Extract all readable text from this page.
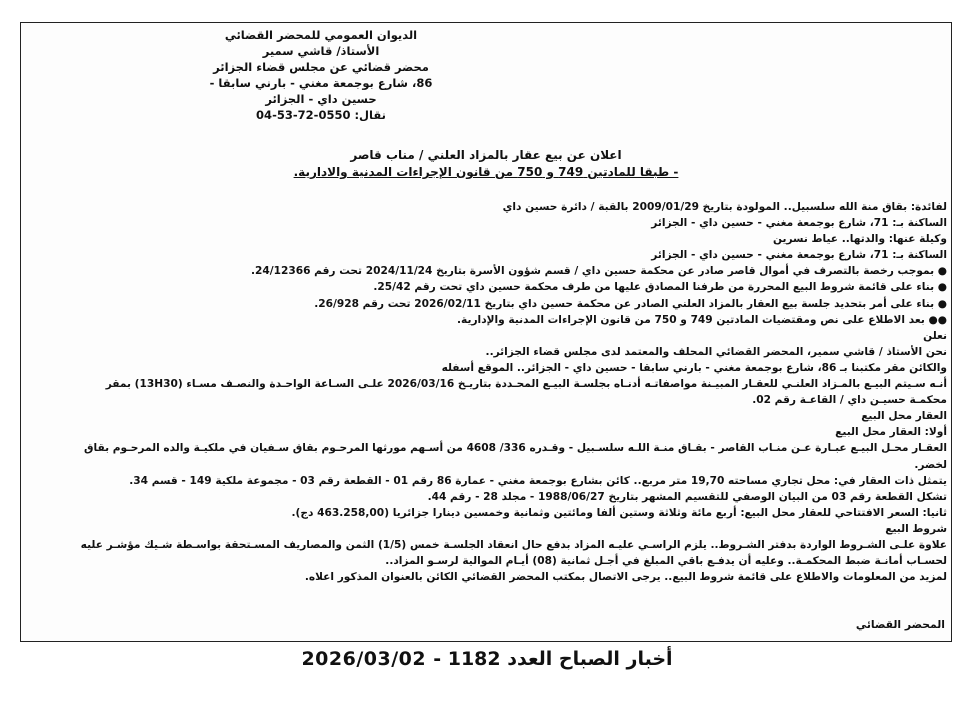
الديوان العمومي للمحضر القضائي
الأستاذ/ قاشي سمير
محضر قضائي عن مجلس قضاء الجزائر
86، شارع بوجمعة مغني - بارني سابقا -
حسين داي - الجزائر
نقال: 0550-72-53-04
اعلان عن بيع عقار بالمزاد العلني / مناب قاصر
- طبقا للمادتين 749 و 750 من قانون الإجراءات المدنية والادارية.

لفائدة: بقاق منة الله سلسبيل.. المولودة بتاريخ 2009/01/29 بالقبة / دائرة حسين داي

الساكنة بـ: 71، شارع بوجمعة مغني - حسين داي - الجزائر

وكيلة عنها: والدتها.. عياط نسرين

الساكنة بـ: 71، شارع بوجمعة مغني - حسين داي - الجزائر

● بموجب رخصة بالتصرف في أموال قاصر صادر عن محكمة حسين داي / قسم شؤون الأسرة بتاريخ 2024/11/24 تحت رقم 24/12366.

● بناء على قائمة شروط البيع المحررة من طرفنا المصادق عليها من طرف محكمة حسين داي تحت رقم 25/42.

● بناء على أمر بتحديد جلسة بيع العقار بالمزاد العلني الصادر عن محكمة حسين داي بتاريخ 2026/02/11 تحت رقم 26/928.

●● بعد الاطلاع على نص ومقتضيات المادتين 749 و 750 من قانون الإجراءات المدنية والإدارية.

نعلن

نحن الأستاذ / قاشي سمير، المحضر القضائي المحلف والمعتمد لدى مجلس قضاء الجزائر..

والكائن مقر مكتبنا بـ 86، شارع بوجمعة مغني - بارني سابقا - حسين داي - الجزائر.. الموقع أسفله

أنـه سـيتم البيـع بالمـزاد العلنـي للعقـار المبيـنة مواصفاتـه أدنـاه بجلسـة البيـع المحـددة بتاريـخ 2026/03/16 علـى السـاعة الواحـدة والنصـف مسـاء (13H30) بمقر

محكمـة حسيـن داي / القاعـة رقم 02.

العقار محل البيع

أولا: العقار محل البيع

العقـار محـل البيـع عبـارة عـن منـاب القاصر - بقـاق منـة اللـه سلسـبيل - وقـدره 336/ 4608 من أسـهم مورثها المرحـوم بقاق سـفيان في ملكيـة والده المرحـوم بقاق

لخضر.

يتمثل ذات العقار في: محل تجاري مساحته 19,70 متر مربع.. كائن بشارع بوجمعة مغني - عمارة 86 رقم 01 - القطعة رقم 03 - مجموعة ملكية 149 - قسم 34.

تشكل القطعة رقم 03 من البيان الوصفي للتقسيم المشهر بتاريخ 1988/06/27 - مجلد 28 - رقم 44.

ثانيا: السعر الافتتاحي للعقار محل البيع: أربع مائة وثلاثة وستين ألفا ومائتين وثمانية وخمسين دينارا جزائريا (463.258,00 دج).

شروط البيع

علاوة علـى الشـروط الواردة بدفتر الشـروط.. يلزم الراسـي عليـه المزاد بدفع حال انعقاد الجلسـة خمس (1/5) الثمن والمصاريف المسـتحقة بواسـطة شـيك مؤشـر عليه

لحسـاب أمانـة ضبط المحكمـة.. وعليه أن يدفـع باقي المبلغ في أجـل ثمانية (08) أيـام الموالية لرسـو المزاد..

لمزيد من المعلومات والاطلاع على قائمة شروط البيع.. يرجى الاتصال بمكتب المحضر القضائي الكائن بالعنوان المذكور اعلاه.

المحضر القضائي
أخبار الصباح العدد 1182 - 2026/03/02
